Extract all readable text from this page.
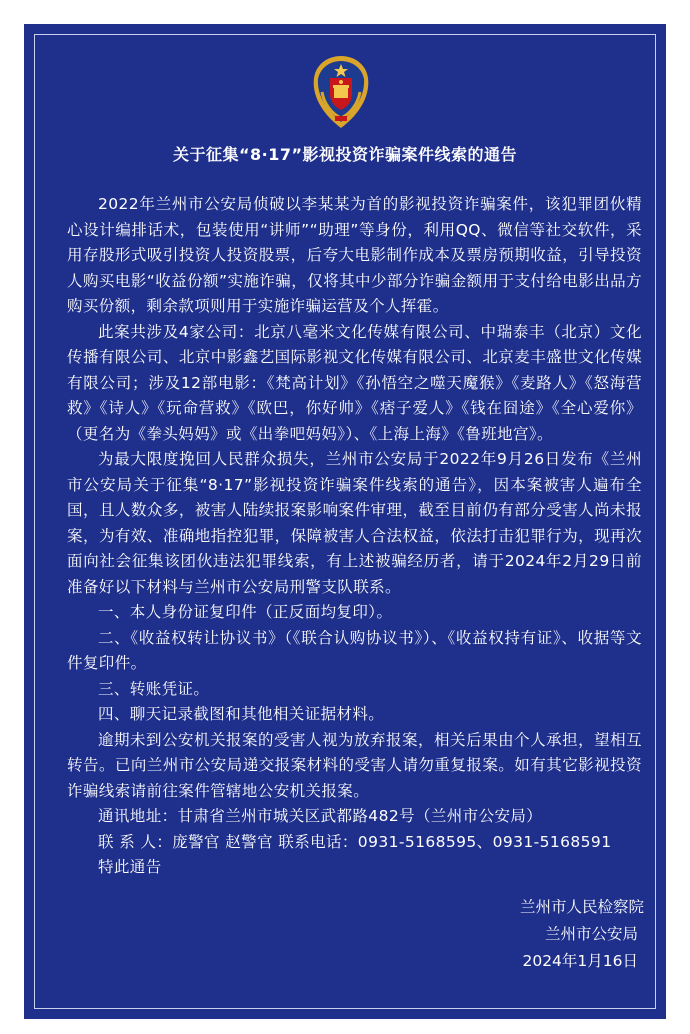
关于征集“8·17”影视投资诈骗案件线索的通告

2022年兰州市公安局侦破以李某某为首的影视投资诈骗案件，该犯罪团伙精心设计编排话术，包装使用“讲师”“助理”等身份，利用QQ、微信等社交软件，采用存股形式吸引投资人投资股票，后夸大电影制作成本及票房预期收益，引导投资人购买电影“收益份额”实施诈骗，仅将其中少部分诈骗金额用于支付给电影出品方购买份额，剩余款项则用于实施诈骗运营及个人挥霍。

此案共涉及4家公司：北京八毫米文化传媒有限公司、中瑞泰丰（北京）文化传播有限公司、北京中影鑫艺国际影视文化传媒有限公司、北京麦丰盛世文化传媒有限公司；涉及12部电影：《梵高计划》《孙悟空之噬天魔猴》《麦路人》《怒海营救》《诗人》《玩命营救》《欧巴，你好帅》《痞子爱人》《钱在囧途》《全心爱你》（更名为《拳头妈妈》或《出拳吧妈妈》）、《上海上海》《鲁班地宫》。

为最大限度挽回人民群众损失，兰州市公安局于2022年9月26日发布《兰州市公安局关于征集“8·17”影视投资诈骗案件线索的通告》，因本案被害人遍布全国，且人数众多，被害人陆续报案影响案件审理，截至目前仍有部分受害人尚未报案，为有效、准确地指控犯罪，保障被害人合法权益，依法打击犯罪行为，现再次面向社会征集该团伙违法犯罪线索，有上述被骗经历者，请于2024年2月29日前准备好以下材料与兰州市公安局刑警支队联系。

一、本人身份证复印件（正反面均复印）。

二、《收益权转让协议书》（《联合认购协议书》）、《收益权持有证》、收据等文件复印件。

三、转账凭证。

四、聊天记录截图和其他相关证据材料。

逾期未到公安机关报案的受害人视为放弃报案，相关后果由个人承担，望相互转告。已向兰州市公安局递交报案材料的受害人请勿重复报案。如有其它影视投资诈骗线索请前往案件管辖地公安机关报案。

通讯地址：甘肃省兰州市城关区武都路482号（兰州市公安局）

联 系 人：庞警官 赵警官 联系电话：0931-5168595、0931-5168591

特此通告

兰州市人民检察院
兰州市公安局
2024年1月16日
